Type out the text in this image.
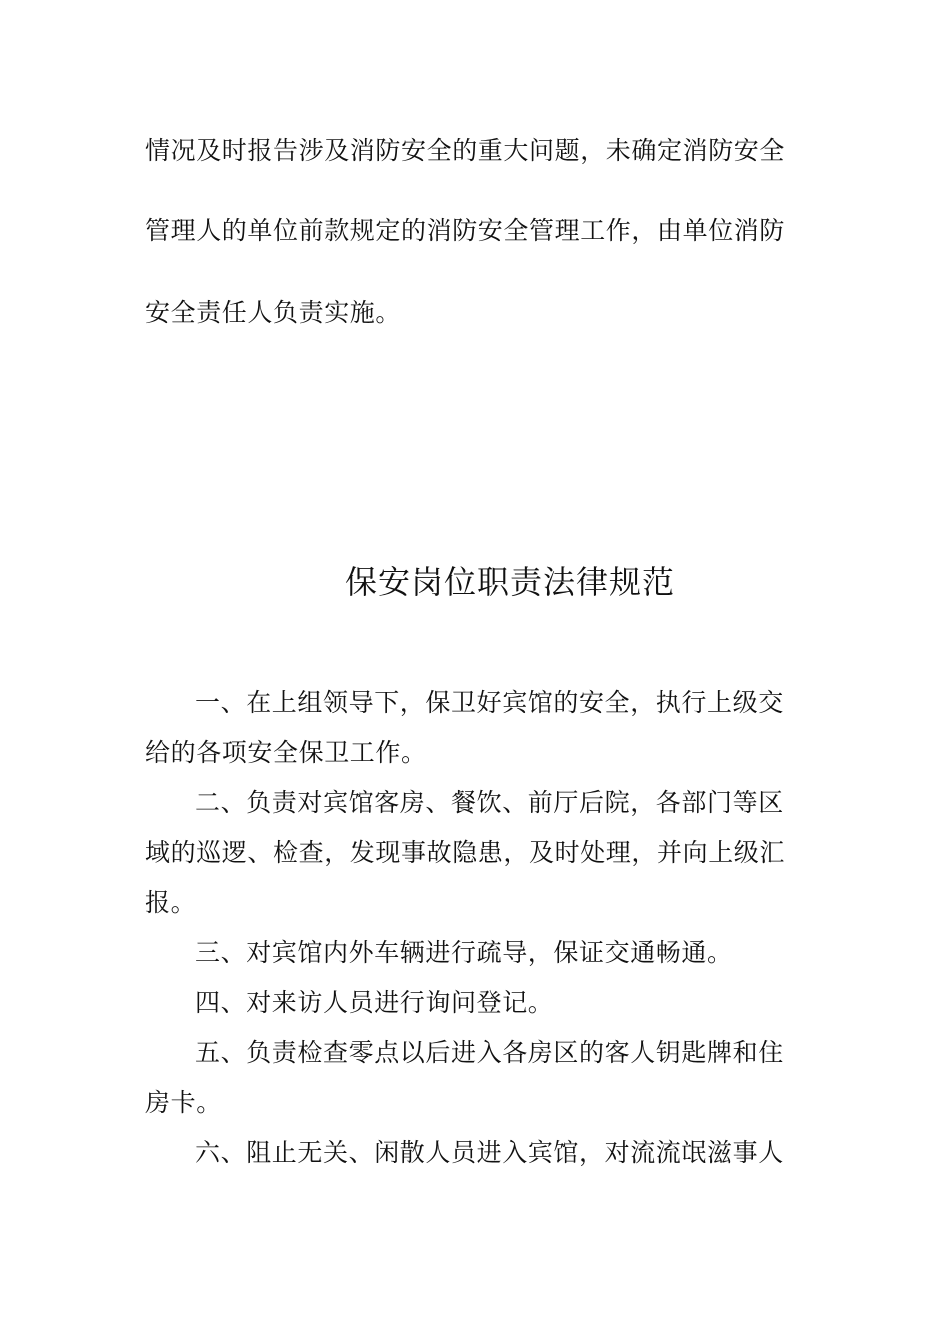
情况及时报告涉及消防安全的重大问题，未确定消防安全
管理人的单位前款规定的消防安全管理工作，由单位消防
安全责任人负责实施。
保安岗位职责法律规范
一、在上组领导下，保卫好宾馆的安全，执行上级交
给的各项安全保卫工作。
二、负责对宾馆客房、餐饮、前厅后院，各部门等区
域的巡逻、检查，发现事故隐患，及时处理，并向上级汇
报。
三、对宾馆内外车辆进行疏导，保证交通畅通。
四、对来访人员进行询问登记。
五、负责检查零点以后进入各房区的客人钥匙牌和住
房卡。
六、阻止无关、闲散人员进入宾馆，对流流氓滋事人
